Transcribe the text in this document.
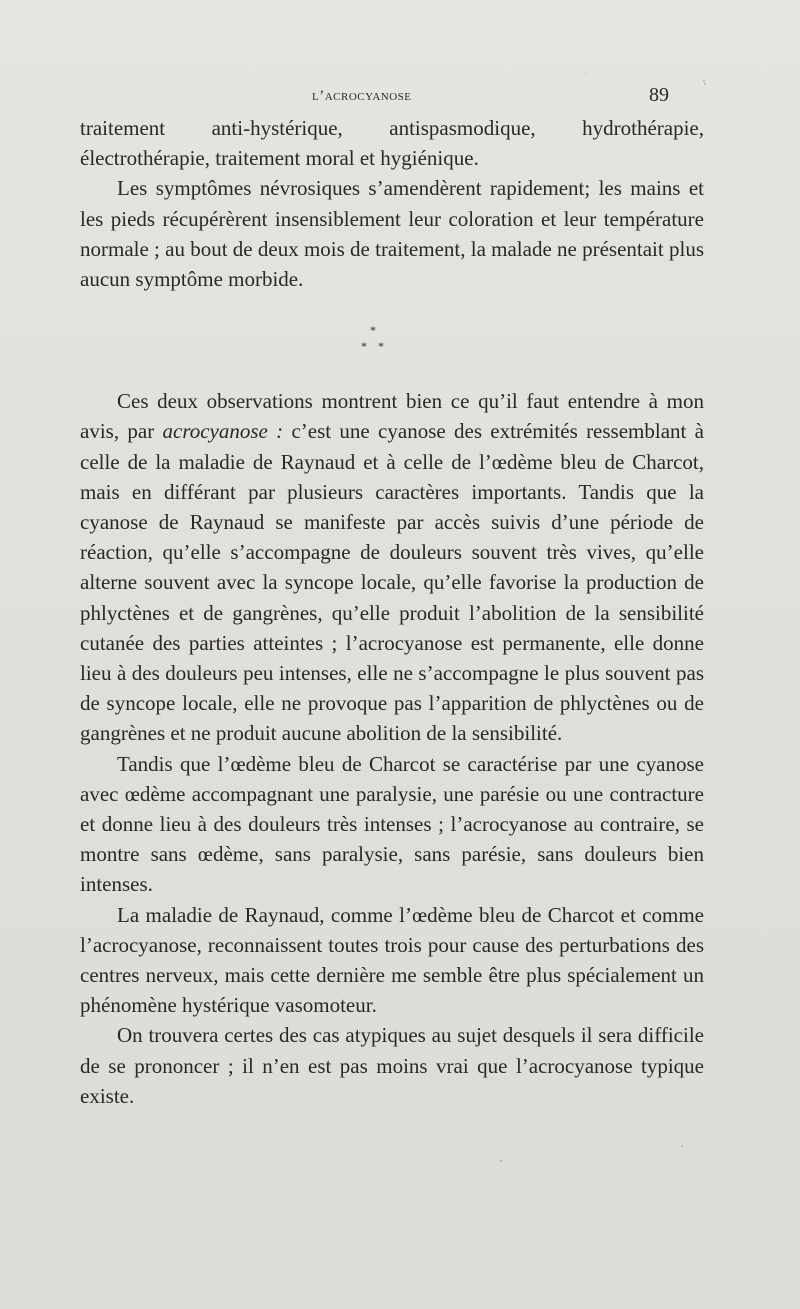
l’acrocyanose	89

traitement anti-hystérique, antispasmodique, hydrothérapie, électrothérapie, traitement moral et hygiénique.

Les symptômes névrosiques s’amendèrent rapidement; les mains et les pieds récupérèrent insensiblement leur coloration et leur température normale ; au bout de deux mois de traitement, la malade ne présentait plus aucun symptôme morbide.

*
* *

Ces deux observations montrent bien ce qu’il faut entendre à mon avis, par acrocyanose : c’est une cyanose des extrémités ressemblant à celle de la maladie de Raynaud et à celle de l’œdème bleu de Charcot, mais en différant par plusieurs caractères importants. Tandis que la cyanose de Raynaud se manifeste par accès suivis d’une période de réaction, qu’elle s’accompagne de douleurs souvent très vives, qu’elle alterne souvent avec la syncope locale, qu’elle favorise la production de phlyctènes et de gangrènes, qu’elle produit l’abolition de la sensibilité cutanée des parties atteintes ; l’acrocyanose est permanente, elle donne lieu à des douleurs peu intenses, elle ne s’accompagne le plus souvent pas de syncope locale, elle ne provoque pas l’apparition de phlyctènes ou de gangrènes et ne produit aucune abolition de la sensibilité.

Tandis que l’œdème bleu de Charcot se caractérise par une cyanose avec œdème accompagnant une paralysie, une parésie ou une contracture et donne lieu à des douleurs très intenses ; l’acrocyanose au contraire, se montre sans œdème, sans paralysie, sans parésie, sans douleurs bien intenses.

La maladie de Raynaud, comme l’œdème bleu de Charcot et comme l’acrocyanose, reconnaissent toutes trois pour cause des perturbations des centres nerveux, mais cette dernière me semble être plus spécialement un phénomène hystérique vasomoteur.

On trouvera certes des cas atypiques au sujet desquels il sera difficile de se prononcer ; il n’en est pas moins vrai que l’acrocyanose typique existe.
